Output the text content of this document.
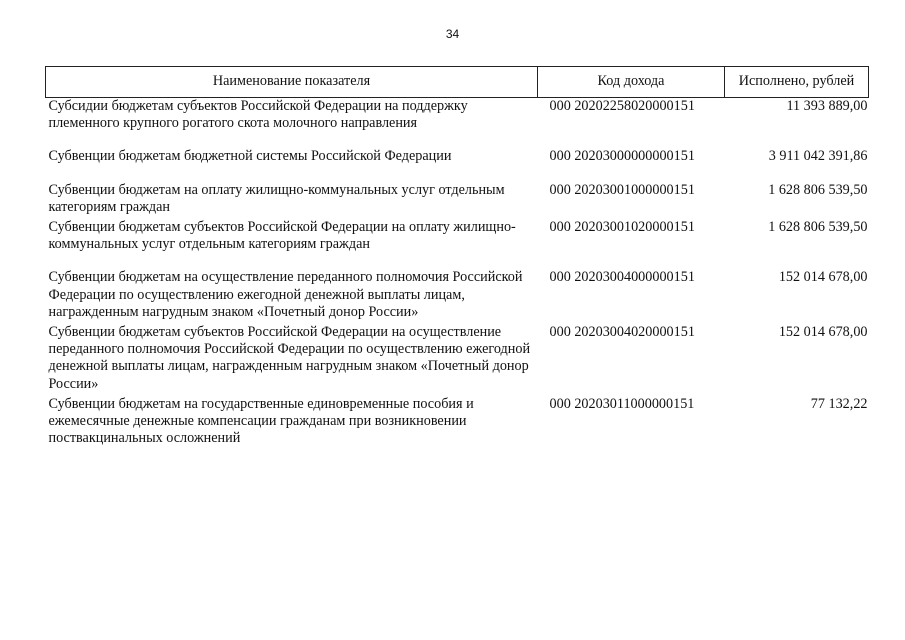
34
Наименование показателя	Код дохода	Исполнено, рублей
Субсидии бюджетам субъектов Российской Федерации на поддержку племенного крупного рогатого скота молочного направления	000 20202258020000151	11 393 889,00

Субвенции бюджетам бюджетной системы Российской Федерации	000 20203000000000151	3 911 042 391,86

Субвенции бюджетам на оплату жилищно-коммунальных услуг отдельным категориям граждан	000 20203001000000151	1 628 806 539,50

Субвенции бюджетам субъектов Российской Федерации на оплату жилищно-коммунальных услуг отдельным категориям граждан	000 20203001020000151	1 628 806 539,50

Субвенции бюджетам на осуществление переданного полномочия Российской Федерации по осуществлению ежегодной денежной выплаты лицам, награжденным нагрудным знаком «Почетный донор России»	000 20203004000000151	152 014 678,00

Субвенции бюджетам субъектов Российской Федерации на осуществление переданного полномочия Российской Федерации по осуществлению ежегодной денежной выплаты лицам, награжденным нагрудным знаком «Почетный донор России»	000 20203004020000151	152 014 678,00

Субвенции бюджетам на государственные единовременные пособия и ежемесячные денежные компенсации гражданам при возникновении поствакцинальных осложнений	000 20203011000000151	77 132,22
